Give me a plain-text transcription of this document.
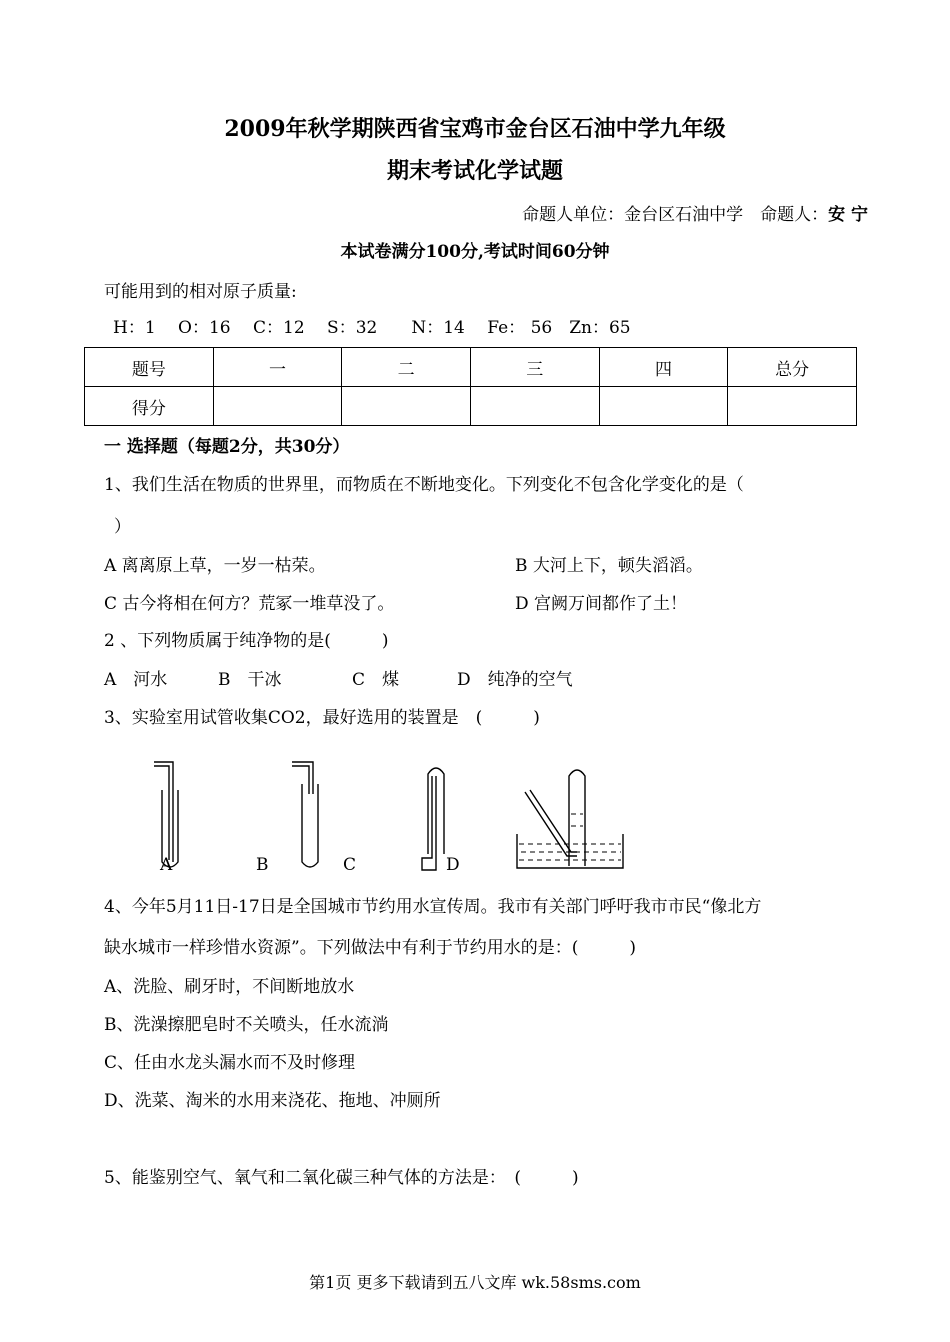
2009年秋学期陕西省宝鸡市金台区石油中学九年级
期末考试化学试题
命题人单位：金台区石油中学　命题人：安 宁
本试卷满分100分,考试时间60分钟
可能用到的相对原子质量:
H：1　 O：16　 C：12　 S：32　　N：14　 Fe： 56　Zn：65
题号	一	二	三	四	总分
得分					
一 选择题（每题2分，共30分）
1、我们生活在物质的世界里，而物质在不断地变化。下列变化不包含化学变化的是（
）
A 离离原上草，一岁一枯荣。	B 大河上下，顿失滔滔。
C 古今将相在何方？荒冢一堆草没了。	D 宫阙万间都作了土！
2 、下列物质属于纯净物的是(　　　)
A　河水	B　干冰	C　煤	D　纯净的空气
3、实验室用试管收集CO2，最好选用的装置是　(　　　)
A	B	C	D
4、今年5月11日-17日是全国城市节约用水宣传周。我市有关部门呼吁我市市民“像北方
缺水城市一样珍惜水资源”。下列做法中有利于节约用水的是：(　　　)
A、洗脸、刷牙时，不间断地放水
B、洗澡擦肥皂时不关喷头，任水流淌
C、任由水龙头漏水而不及时修理
D、洗菜、淘米的水用来浇花、拖地、冲厕所
5、能鉴别空气、氧气和二氧化碳三种气体的方法是：　(　　　)
第1页 更多下载请到五八文库 wk.58sms.com
